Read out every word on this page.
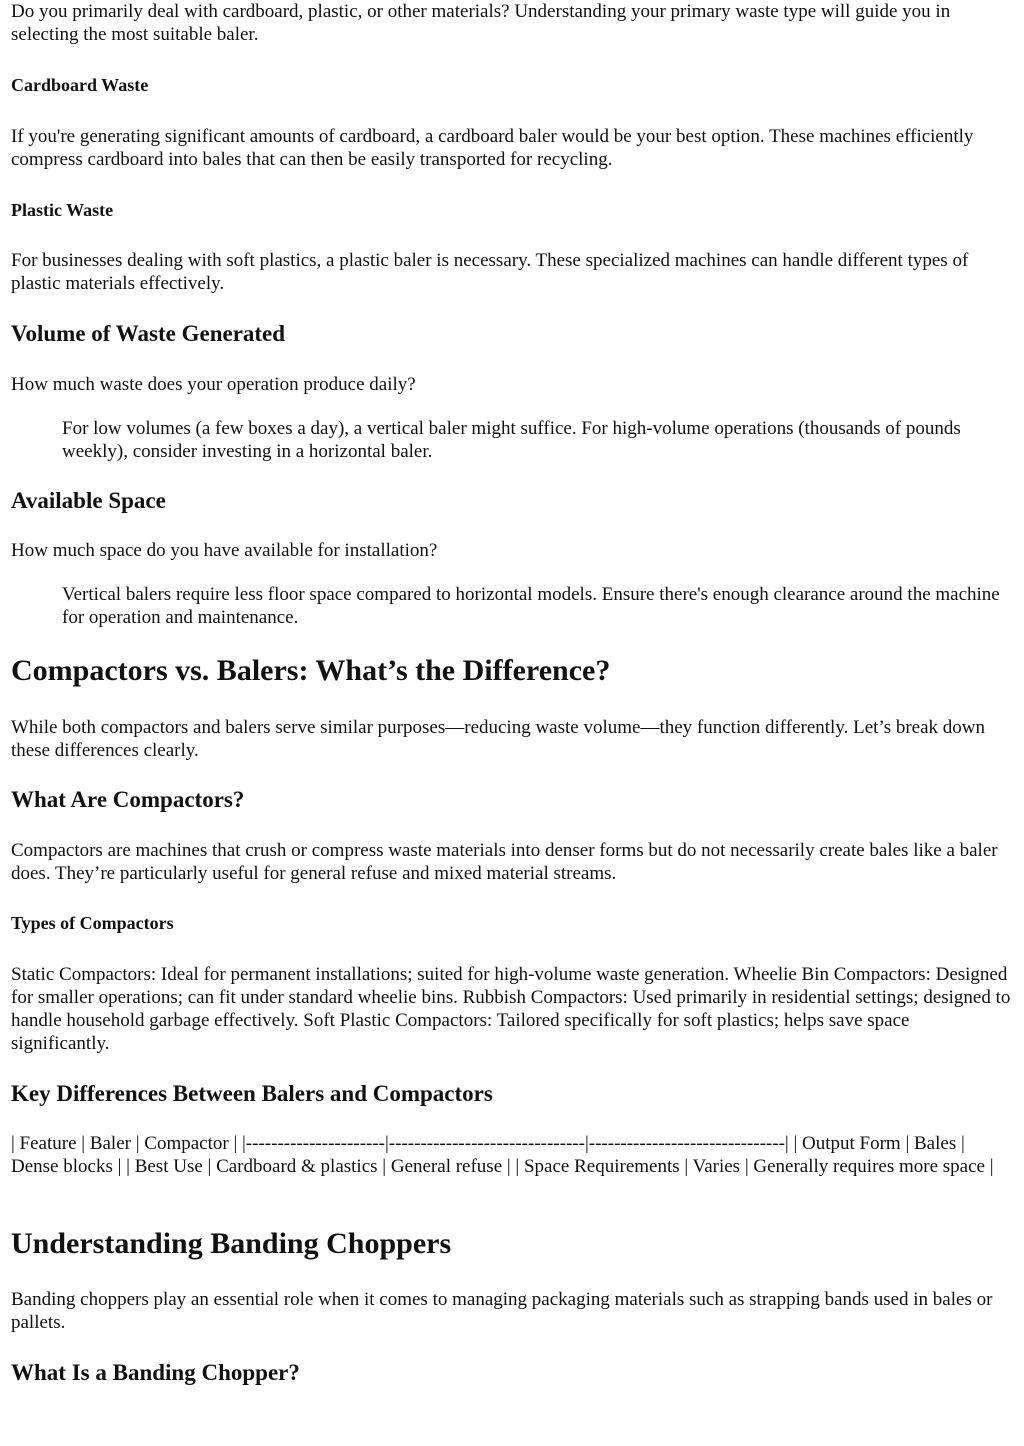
Do you primarily deal with cardboard, plastic, or other materials? Understanding your primary waste type will guide you in selecting the most suitable baler.

Cardboard Waste

If you're generating significant amounts of cardboard, a cardboard baler would be your best option. These machines efficiently compress cardboard into bales that can then be easily transported for recycling.

Plastic Waste

For businesses dealing with soft plastics, a plastic baler is necessary. These specialized machines can handle different types of plastic materials effectively.

Volume of Waste Generated

How much waste does your operation produce daily?

For low volumes (a few boxes a day), a vertical baler might suffice. For high-volume operations (thousands of pounds weekly), consider investing in a horizontal baler.
Available Space

How much space do you have available for installation?

Vertical balers require less floor space compared to horizontal models. Ensure there's enough clearance around the machine for operation and maintenance.
Compactors vs. Balers: What’s the Difference?

While both compactors and balers serve similar purposes—reducing waste volume—they function differently. Let’s break down these differences clearly.

What Are Compactors?

Compactors are machines that crush or compress waste materials into denser forms but do not necessarily create bales like a baler does. They’re particularly useful for general refuse and mixed material streams.

Types of Compactors

Static Compactors: Ideal for permanent installations; suited for high-volume waste generation. Wheelie Bin Compactors: Designed for smaller operations; can fit under standard wheelie bins. Rubbish Compactors: Used primarily in residential settings; designed to handle household garbage effectively. Soft Plastic Compactors: Tailored specifically for soft plastics; helps save space significantly.

Key Differences Between Balers and Compactors

| Feature | Baler | Compactor | |----------------------|-------------------------------|-------------------------------| | Output Form | Bales | Dense blocks | | Best Use | Cardboard & plastics | General refuse | | Space Requirements | Varies | Generally requires more space |

Understanding Banding Choppers

Banding choppers play an essential role when it comes to managing packaging materials such as strapping bands used in bales or pallets.

What Is a Banding Chopper?
